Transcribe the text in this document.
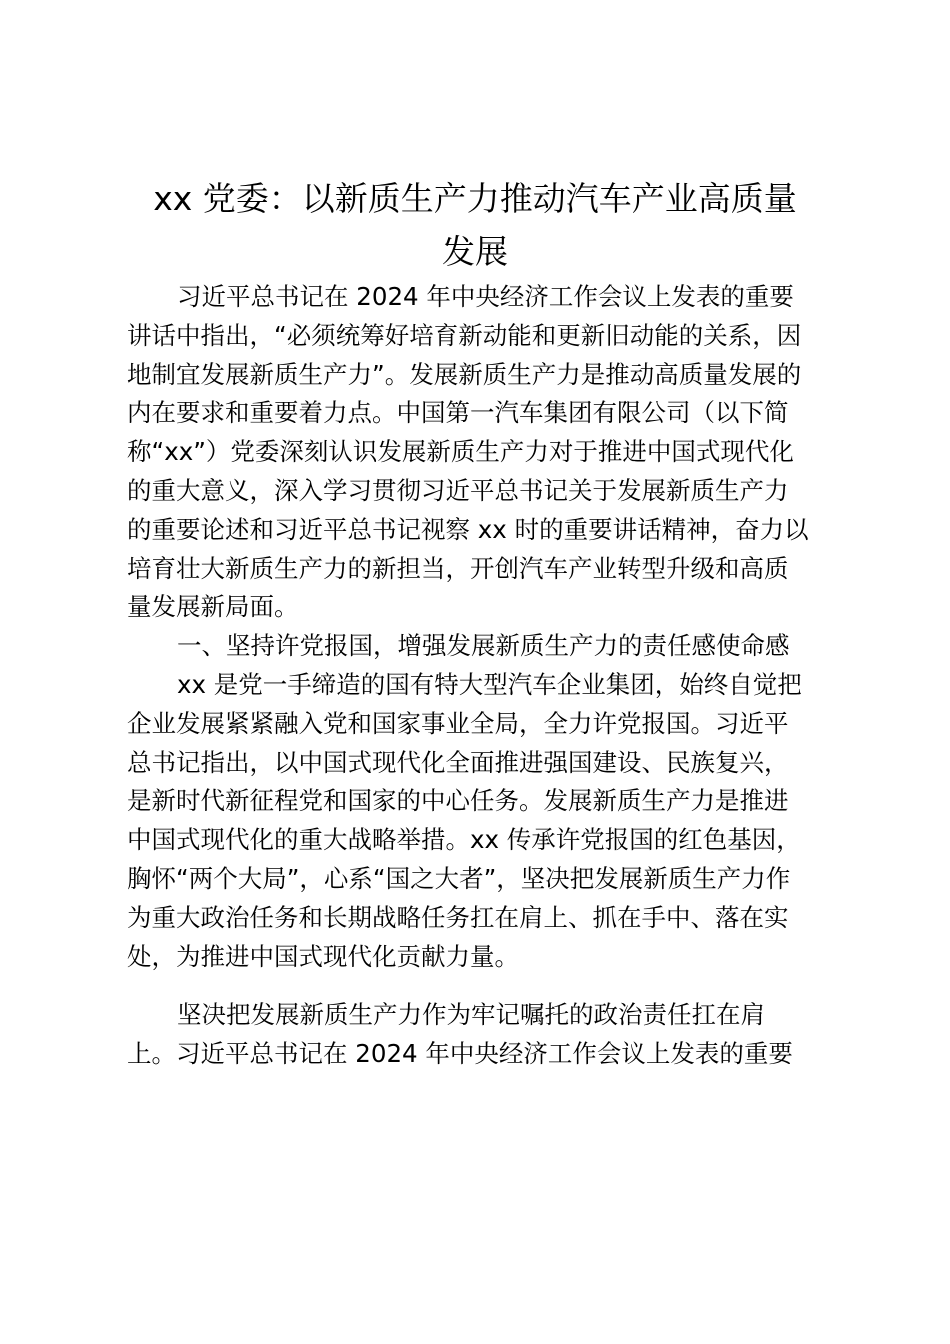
xx 党委：以新质生产力推动汽车产业高质量
发展
习近平总书记在 2024 年中央经济工作会议上发表的重要
讲话中指出，“必须统筹好培育新动能和更新旧动能的关系，因
地制宜发展新质生产力”。发展新质生产力是推动高质量发展的
内在要求和重要着力点。中国第一汽车集团有限公司（以下简
称“xx”）党委深刻认识发展新质生产力对于推进中国式现代化
的重大意义，深入学习贯彻习近平总书记关于发展新质生产力
的重要论述和习近平总书记视察 xx 时的重要讲话精神，奋力以
培育壮大新质生产力的新担当，开创汽车产业转型升级和高质
量发展新局面。
一、坚持许党报国，增强发展新质生产力的责任感使命感
xx 是党一手缔造的国有特大型汽车企业集团，始终自觉把
企业发展紧紧融入党和国家事业全局，全力许党报国。习近平
总书记指出，以中国式现代化全面推进强国建设、民族复兴，
是新时代新征程党和国家的中心任务。发展新质生产力是推进
中国式现代化的重大战略举措。xx 传承许党报国的红色基因，
胸怀“两个大局”，心系“国之大者”，坚决把发展新质生产力作
为重大政治任务和长期战略任务扛在肩上、抓在手中、落在实
处，为推进中国式现代化贡献力量。
坚决把发展新质生产力作为牢记嘱托的政治责任扛在肩
上。习近平总书记在 2024 年中央经济工作会议上发表的重要
